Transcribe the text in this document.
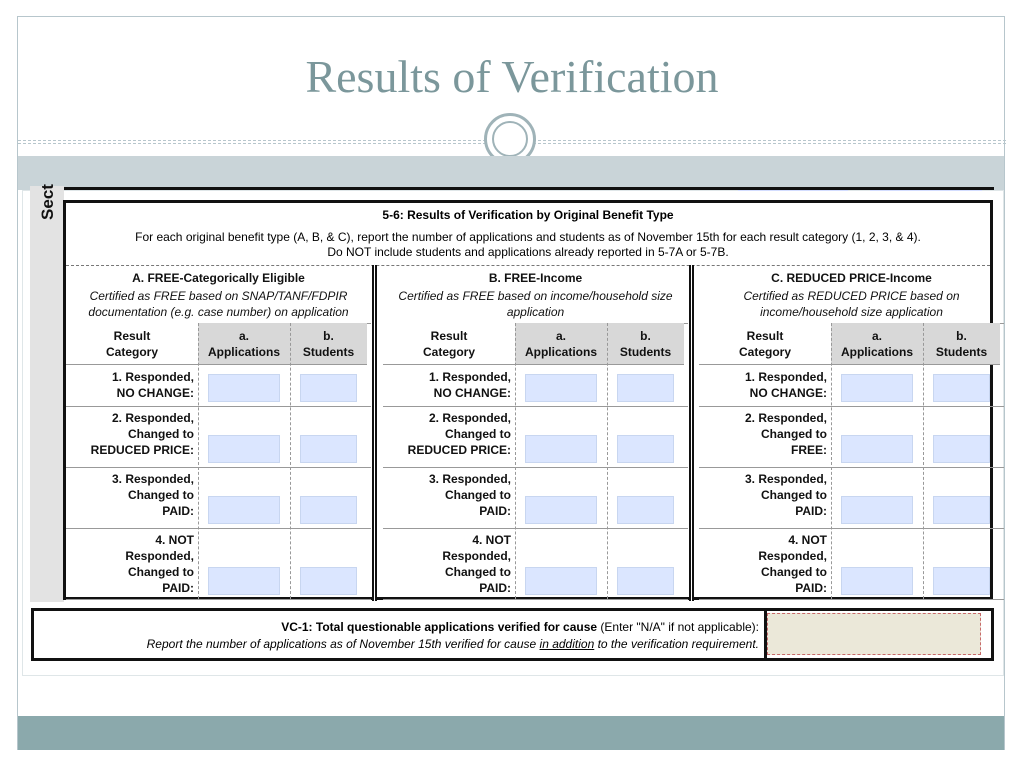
Results of Verification
Sect	5-6: Results of Verification by Original Benefit Type
For each original benefit type (A, B, & C), report the number of applications and students as of November 15th for each result category (1, 2, 3, & 4).
Do NOT include students and applications already reported in 5-7A or 5-7B.
A. FREE-Categorically Eligible
Certified as FREE based on SNAP/TANF/FDPIR documentation (e.g. case number) on application
Result
Category
a.
Applications
b.
Students
1. Responded,
NO CHANGE:
2. Responded,
Changed to
REDUCED PRICE:
3. Responded,
Changed to
PAID:
4. NOT
Responded,
Changed to
PAID:
B. FREE-Income
Certified as FREE based on income/household size application
Result
Category
a.
Applications
b.
Students
1. Responded,
NO CHANGE:
2. Responded,
Changed to
REDUCED PRICE:
3. Responded,
Changed to
PAID:
4. NOT
Responded,
Changed to
PAID:
C. REDUCED PRICE-Income
Certified as REDUCED PRICE based on income/household size application
Result
Category
a.
Applications
b.
Students
1. Responded,
NO CHANGE:
2. Responded,
Changed to
FREE:
3. Responded,
Changed to
PAID:
4. NOT
Responded,
Changed to
PAID:
VC-1: Total questionable applications verified for cause (Enter "N/A" if not applicable):
Report the number of applications as of November 15th verified for cause in addition to the verification requirement.
